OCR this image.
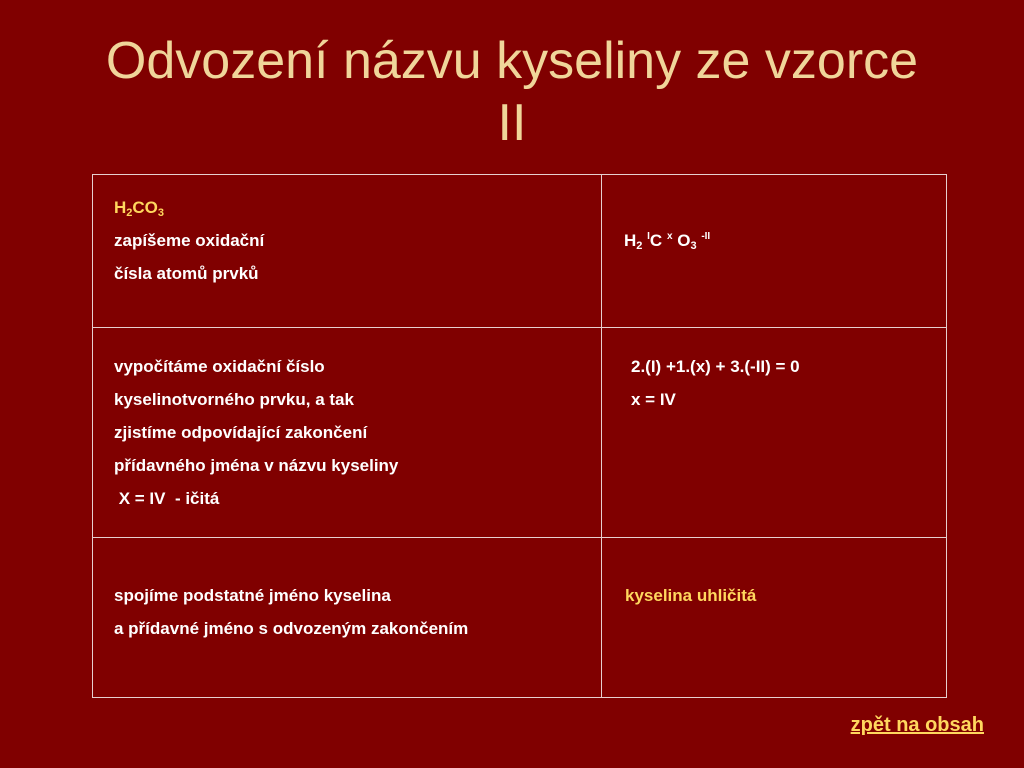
Odvození názvu kyseliny ze vzorce
II
$H_2CO_3$
zapíšeme oxidační
čísla atomů prvků
$H_2$ $^I$C $^x$ $O_3$ $^{-II}$
vypočítáme oxidační číslo
kyselinotvorného prvku, a tak
zjistíme odpovídající zakončení
přídavného jména v názvu kyseliny
X = IV  - ičitá
2.(I) +1.(x) + 3.(-II) = 0
x = IV
spojíme podstatné jméno kyselina
a přídavné jméno s odvozeným zakončením
kyselina uhličitá
zpět na obsah
